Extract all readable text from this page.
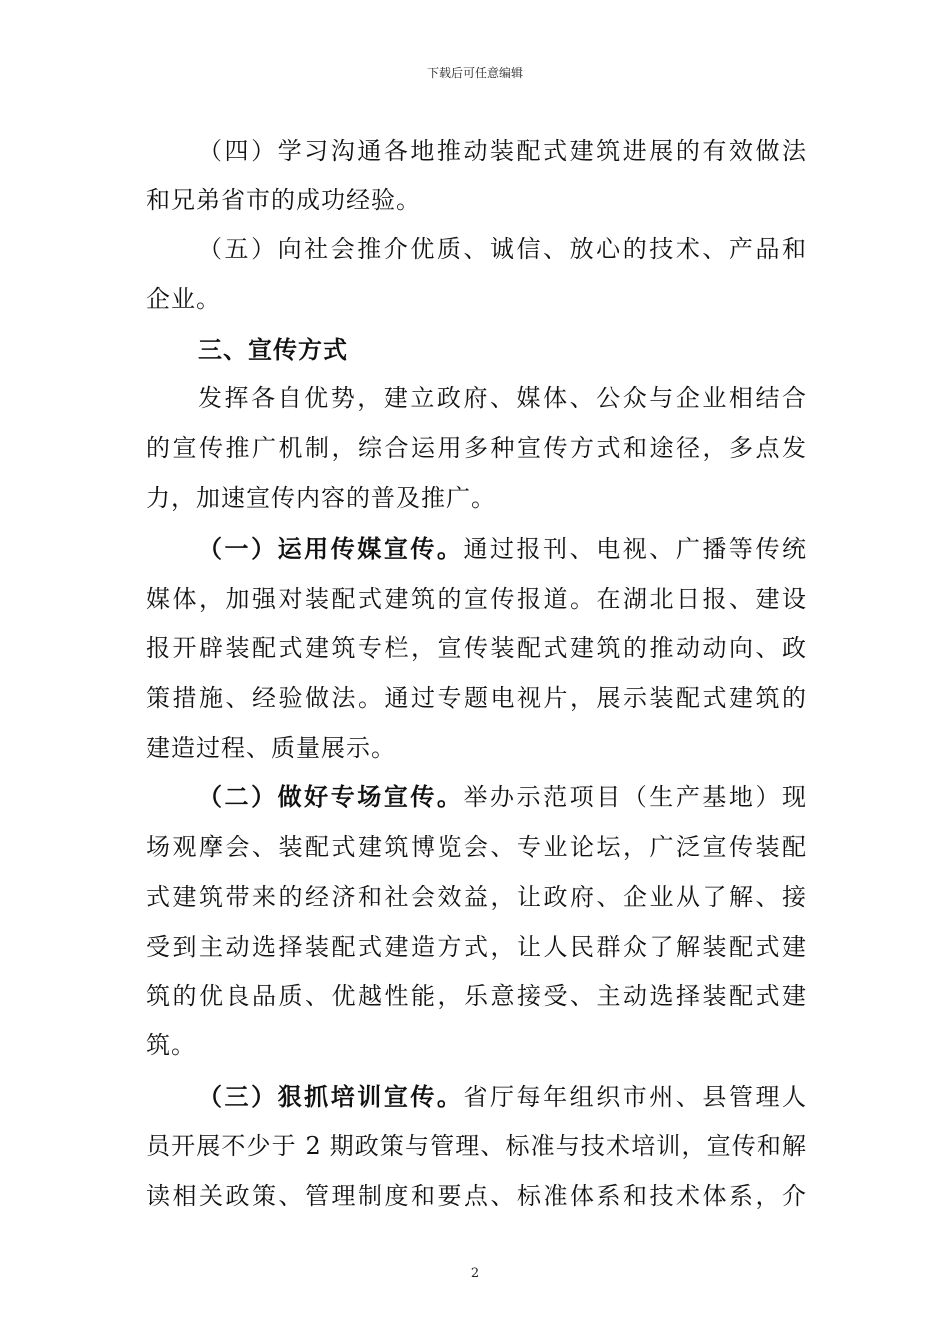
下载后可任意编辑
（四）学习沟通各地推动装配式建筑进展的有效做法
和兄弟省市的成功经验。
（五）向社会推介优质、诚信、放心的技术、产品和
企业。
三、宣传方式
发挥各自优势，建立政府、媒体、公众与企业相结合
的宣传推广机制，综合运用多种宣传方式和途径，多点发
力，加速宣传内容的普及推广。
（一）运用传媒宣传。通过报刊、电视、广播等传统
媒体，加强对装配式建筑的宣传报道。在湖北日报、建设
报开辟装配式建筑专栏，宣传装配式建筑的推动动向、政
策措施、经验做法。通过专题电视片，展示装配式建筑的
建造过程、质量展示。
（二）做好专场宣传。举办示范项目（生产基地）现
场观摩会、装配式建筑博览会、专业论坛，广泛宣传装配
式建筑带来的经济和社会效益，让政府、企业从了解、接
受到主动选择装配式建造方式，让人民群众了解装配式建
筑的优良品质、优越性能，乐意接受、主动选择装配式建
筑。
（三）狠抓培训宣传。省厅每年组织市州、县管理人
员开展不少于 2 期政策与管理、标准与技术培训，宣传和解
读相关政策、管理制度和要点、标准体系和技术体系，介
2
